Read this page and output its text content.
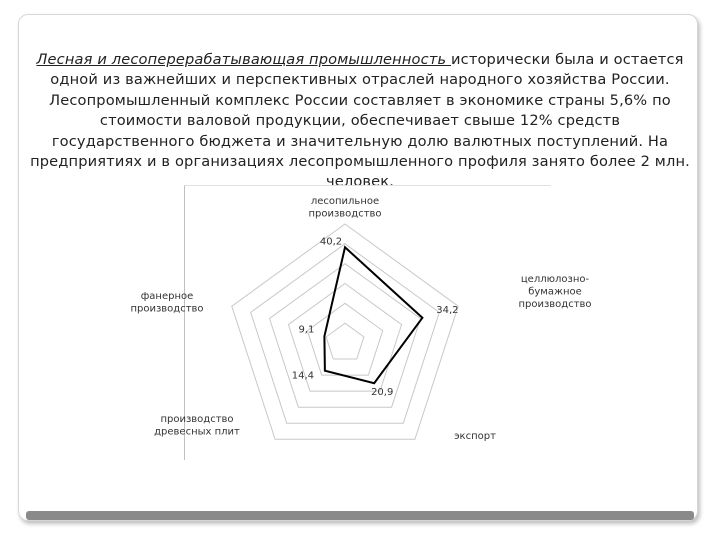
Лесная и лесоперерабатывающая промышленность исторически была и остается одной из важнейших и перспективных отраслей народного хозяйства России. Лесопромышленный комплекс России составляет в экономике страны 5,6% по стоимости валовой продукции, обеспечивает свыше 12% средств государственного бюджета и значительную долю валютных поступлений. На предприятиях и в организациях лесопромышленного профиля занято более 2 млн. человек.
40,2
34,2
20,9
14,4
9,1
лесопильное производство
целлюлозно-бумажное производство
экспорт
производство древесных плит
фанерное производство
